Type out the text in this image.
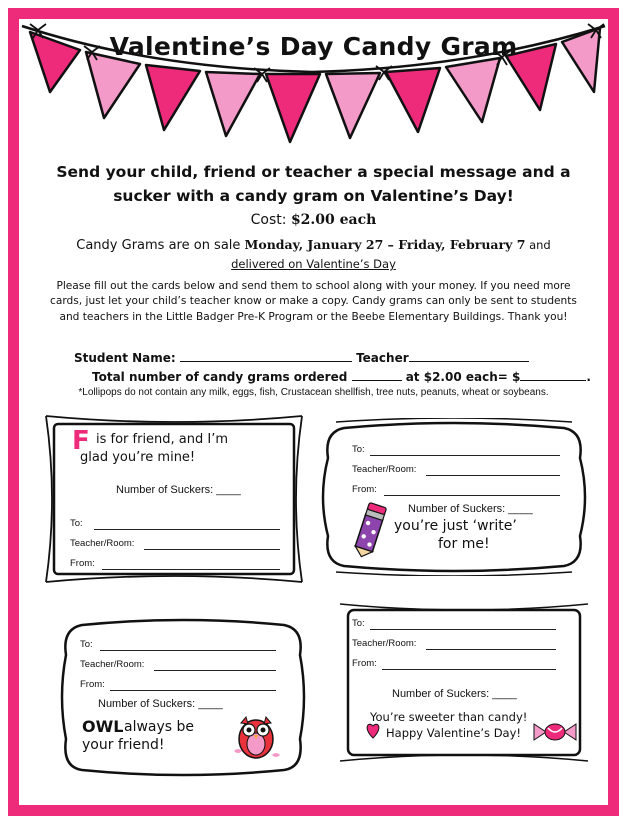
Valentine’s Day Candy Gram
Send your child, friend or teacher a special message and a
sucker with a candy gram on Valentine’s Day!
Cost: $2.00 each
Candy Grams are on sale Monday, January 27 – Friday, February 7 and
delivered on Valentine’s Day

Please fill out the cards below and send them to school along with your money. If you need more cards, just let your child’s teacher know or make a copy. Candy grams can only be sent to students and teachers in the Little Badger Pre-K Program or the Beebe Elementary Buildings. Thank you!

Student Name:	Teacher
Total number of candy grams ordered	at $2.00 each= $	.
*Lollipops do not contain any milk, eggs, fish, Crustacean shellfish, tree nuts, peanuts, wheat or soybeans.
F is for friend, and I’m
glad you’re mine!
Number of Suckers: ____
To:
Teacher/Room:
From:
To:
Teacher/Room:
From:
Number of Suckers: ____
you’re just ‘write’
for me!
To:
Teacher/Room:
From:
Number of Suckers: ____
OWL always be
your friend!
To:
Teacher/Room:
From:
Number of Suckers: ____
You’re sweeter than candy!
Happy Valentine’s Day!
